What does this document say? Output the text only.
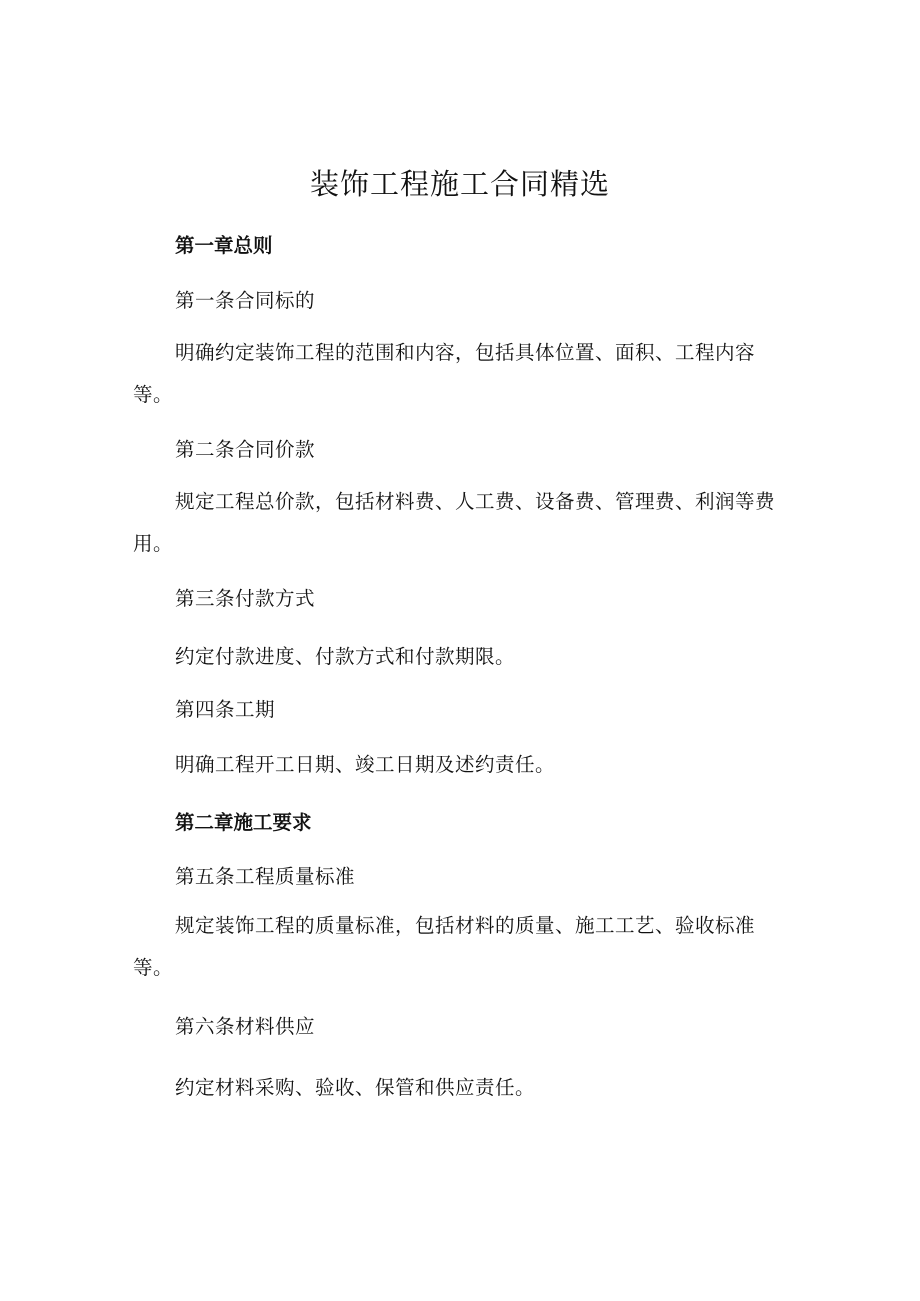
装饰工程施工合同精选
第一章总则
第一条合同标的
明确约定装饰工程的范围和内容，包括具体位置、面积、工程内容等。
第二条合同价款
规定工程总价款，包括材料费、人工费、设备费、管理费、利润等费用。
第三条付款方式
约定付款进度、付款方式和付款期限。
第四条工期
明确工程开工日期、竣工日期及述约责任。
第二章施工要求
第五条工程质量标准
规定装饰工程的质量标准，包括材料的质量、施工工艺、验收标准等。
第六条材料供应
约定材料采购、验收、保管和供应责任。
